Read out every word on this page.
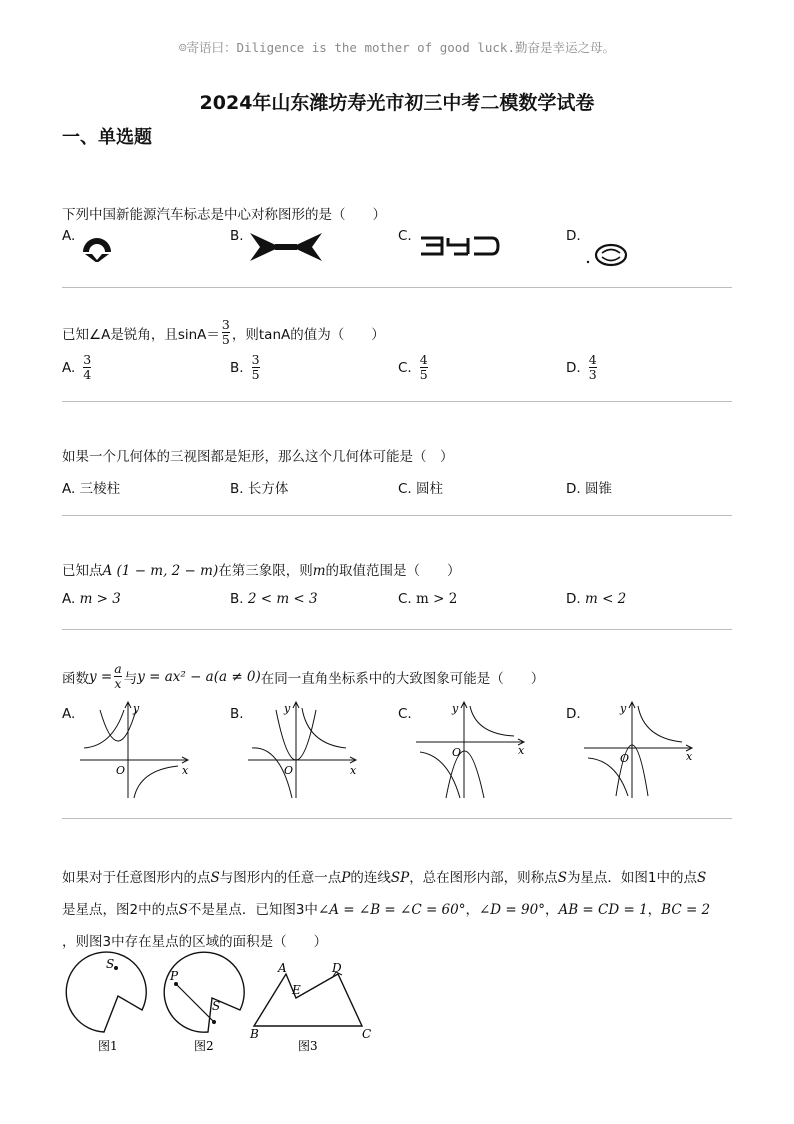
☺寄语曰：Diligence is the mother of good luck.勤奋是幸运之母。
2024年山东潍坊寿光市初三中考二模数学试卷
一、单选题
下列中国新能源汽车标志是中心对称图形的是（　　）
A.	B.	C.	D.
已知∠A是锐角，且$\sin A= \frac{3}{5}$ ，则tanA的值为（　　）
A. $\frac{3}{4}$	B. $\frac{3}{5}$	C. $\frac{4}{5}$	D. $\frac{4}{3}$
如果一个几何体的三视图都是矩形，那么这个几何体可能是（　）
A. 三棱柱	B. 长方体	C. 圆柱	D. 圆锥
已知点A (1 − m, 2 − m)在第三象限，则m的取值范围是（　　）
A. m > 3	B. 2 < m < 3	C. m > 2	D. m < 2
函数 $y = \frac{a}{x}$ 与 y = ax² − a(a ≠ 0) 在同一直角坐标系中的大致图象可能是（　　）
A.	B.	C.	D.
x
y
O	x
y
O
x
y
O	x
y
O
如果对于任意图形内的点S与图形内的任意一点P的连线SP，总在图形内部，则称点S为星点．如图1中的点S
是星点，图2中的点S不是星点．已知图3中∠A = ∠B = ∠C = 60°，∠D = 90°，AB = CD = 1，BC = 2
，则图3中存在星点的区域的面积是（　　）
S
图1
P
S
图2
A
E
D
B	C
图3
